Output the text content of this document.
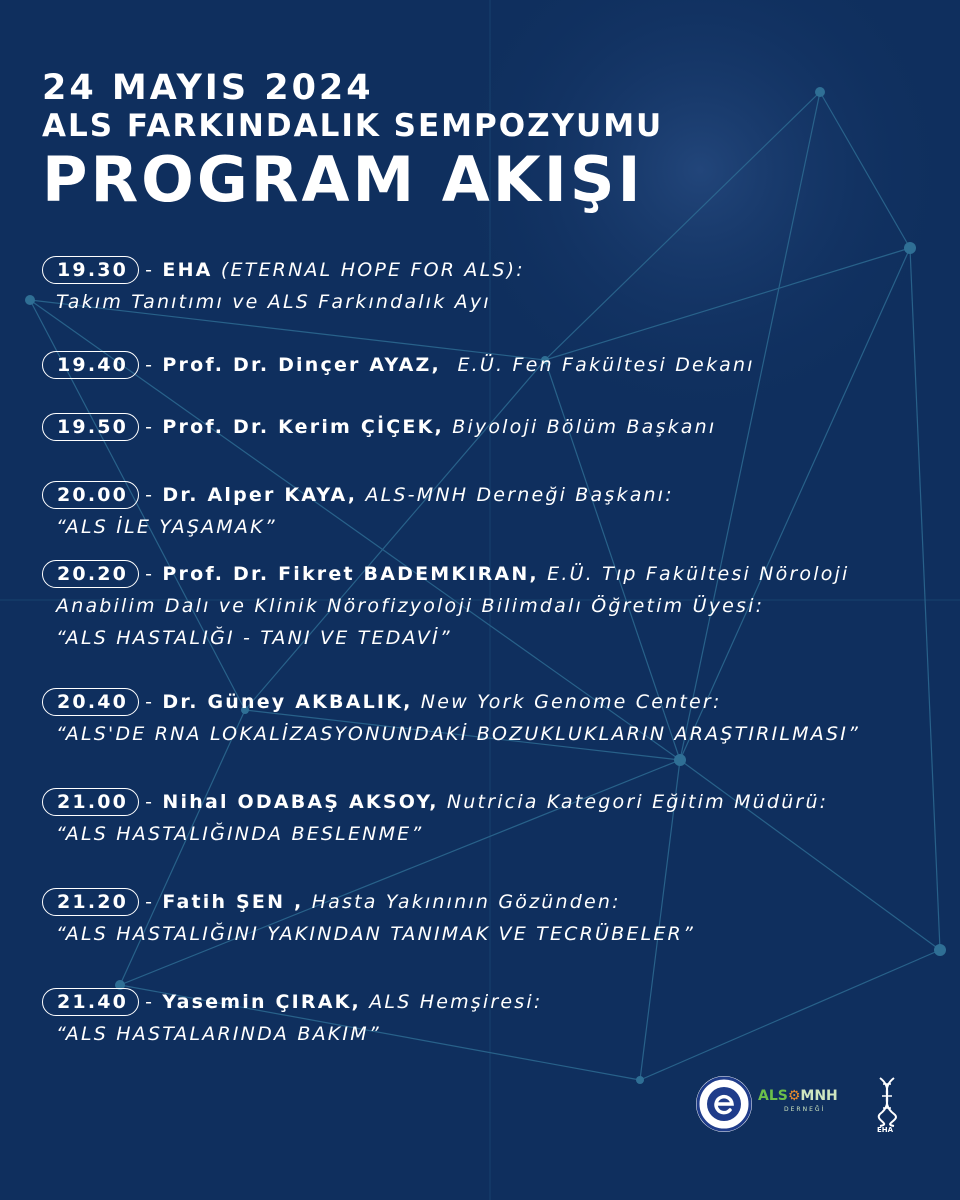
24 MAYIS 2024
ALS FARKINDALIK SEMPOZYUMU
PROGRAM AKIŞI
19.30 - EHA (ETERNAL HOPE FOR ALS):
Takım Tanıtımı ve ALS Farkındalık Ayı
19.40 - Prof. Dr. Dinçer AYAZ, E.Ü. Fen Fakültesi Dekanı
19.50 - Prof. Dr. Kerim ÇİÇEK, Biyoloji Bölüm Başkanı
20.00 - Dr. Alper KAYA, ALS-MNH Derneği Başkanı:
“ALS İLE YAŞAMAK”
20.20 - Prof. Dr. Fikret BADEMKIRAN, E.Ü. Tıp Fakültesi Nöroloji
Anabilim Dalı ve Klinik Nörofizyoloji Bilimdalı Öğretim Üyesi:
“ALS HASTALIĞI - TANI VE TEDAVİ”
20.40 - Dr. Güney AKBALIK, New York Genome Center:
“ALS'DE RNA LOKALİZASYONUNDAKİ BOZUKLUKLARIN ARAŞTIRILMASI”
21.00 - Nihal ODABAŞ AKSOY, Nutricia Kategori Eğitim Müdürü:
“ALS HASTALIĞINDA BESLENME”
21.20 - Fatih ŞEN , Hasta Yakınının Gözünden:
“ALS HASTALIĞINI YAKINDAN TANIMAK VE TECRÜBELER”
21.40 - Yasemin ÇIRAK, ALS Hemşiresi:
“ALS HASTALARINDA BAKIM”
ALS⚙MNH
DERNEĞİ
EHA
